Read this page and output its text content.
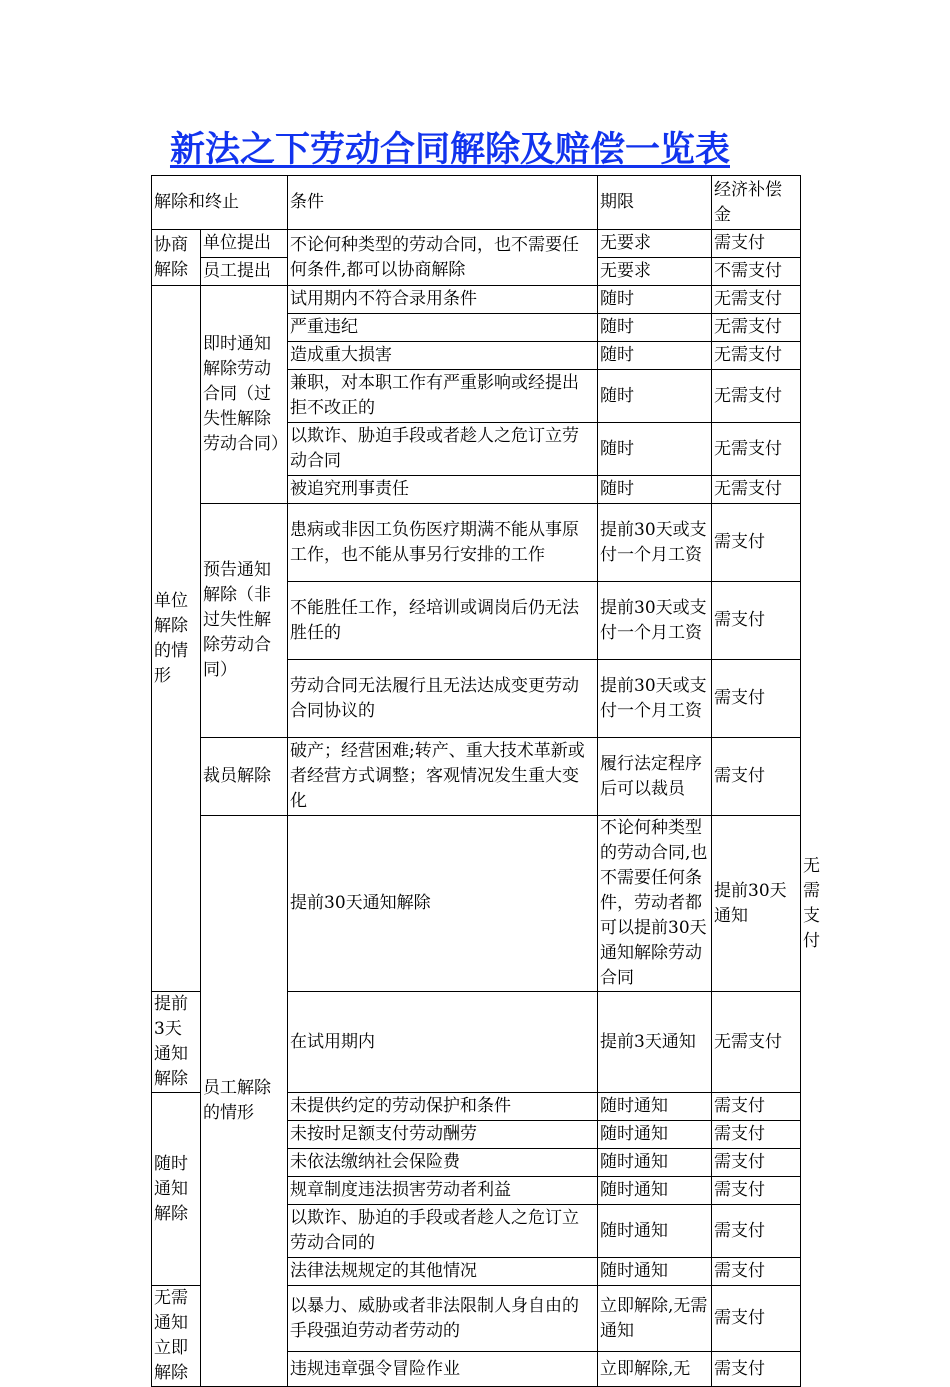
新法之下劳动合同解除及赔偿一览表
解除和终止		条件	期限	经济补偿金	
协商解除	单位提出	不论何种类型的劳动合同，也不需要任何条件,都可以协商解除	无要求	需支付	
	员工提出		无要求	不需支付	
单位解除的情形	即时通知解除劳动合同（过失性解除劳动合同）	试用期内不符合录用条件	随时	无需支付	
		严重违纪	随时	无需支付	
		造成重大损害	随时	无需支付	
		兼职，对本职工作有严重影响或经提出拒不改正的	随时	无需支付	
		以欺诈、胁迫手段或者趁人之危订立劳动合同	随时	无需支付	
		被追究刑事责任	随时	无需支付	
	预告通知解除（非过失性解除劳动合同）	患病或非因工负伤医疗期满不能从事原工作，也不能从事另行安排的工作	提前30天或支付一个月工资	需支付	
		不能胜任工作，经培训或调岗后仍无法胜任的	提前30天或支付一个月工资	需支付	
		劳动合同无法履行且无法达成变更劳动合同协议的	提前30天或支付一个月工资	需支付	
	裁员解除	破产；经营困难;转产、重大技术革新或者经营方式调整；客观情况发生重大变化	履行法定程序后可以裁员	需支付	
	员工解除的情形	提前30天通知解除	不论何种类型的劳动合同,也不需要任何条件，劳动者都可以提前30天通知解除劳动合同	提前30天通知	无需支付
提前3天通知解除		在试用期内	提前3天通知	无需支付	
随时通知解除		未提供约定的劳动保护和条件	随时通知	需支付	
		未按时足额支付劳动酬劳	随时通知	需支付	
		未依法缴纳社会保险费	随时通知	需支付	
		规章制度违法损害劳动者利益	随时通知	需支付	
		以欺诈、胁迫的手段或者趁人之危订立劳动合同的	随时通知	需支付	
		法律法规规定的其他情况	随时通知	需支付	
无需通知立即解除		以暴力、威胁或者非法限制人身自由的手段强迫劳动者劳动的	立即解除,无需通知	需支付	
		违规违章强令冒险作业	立即解除,无	需支付	
